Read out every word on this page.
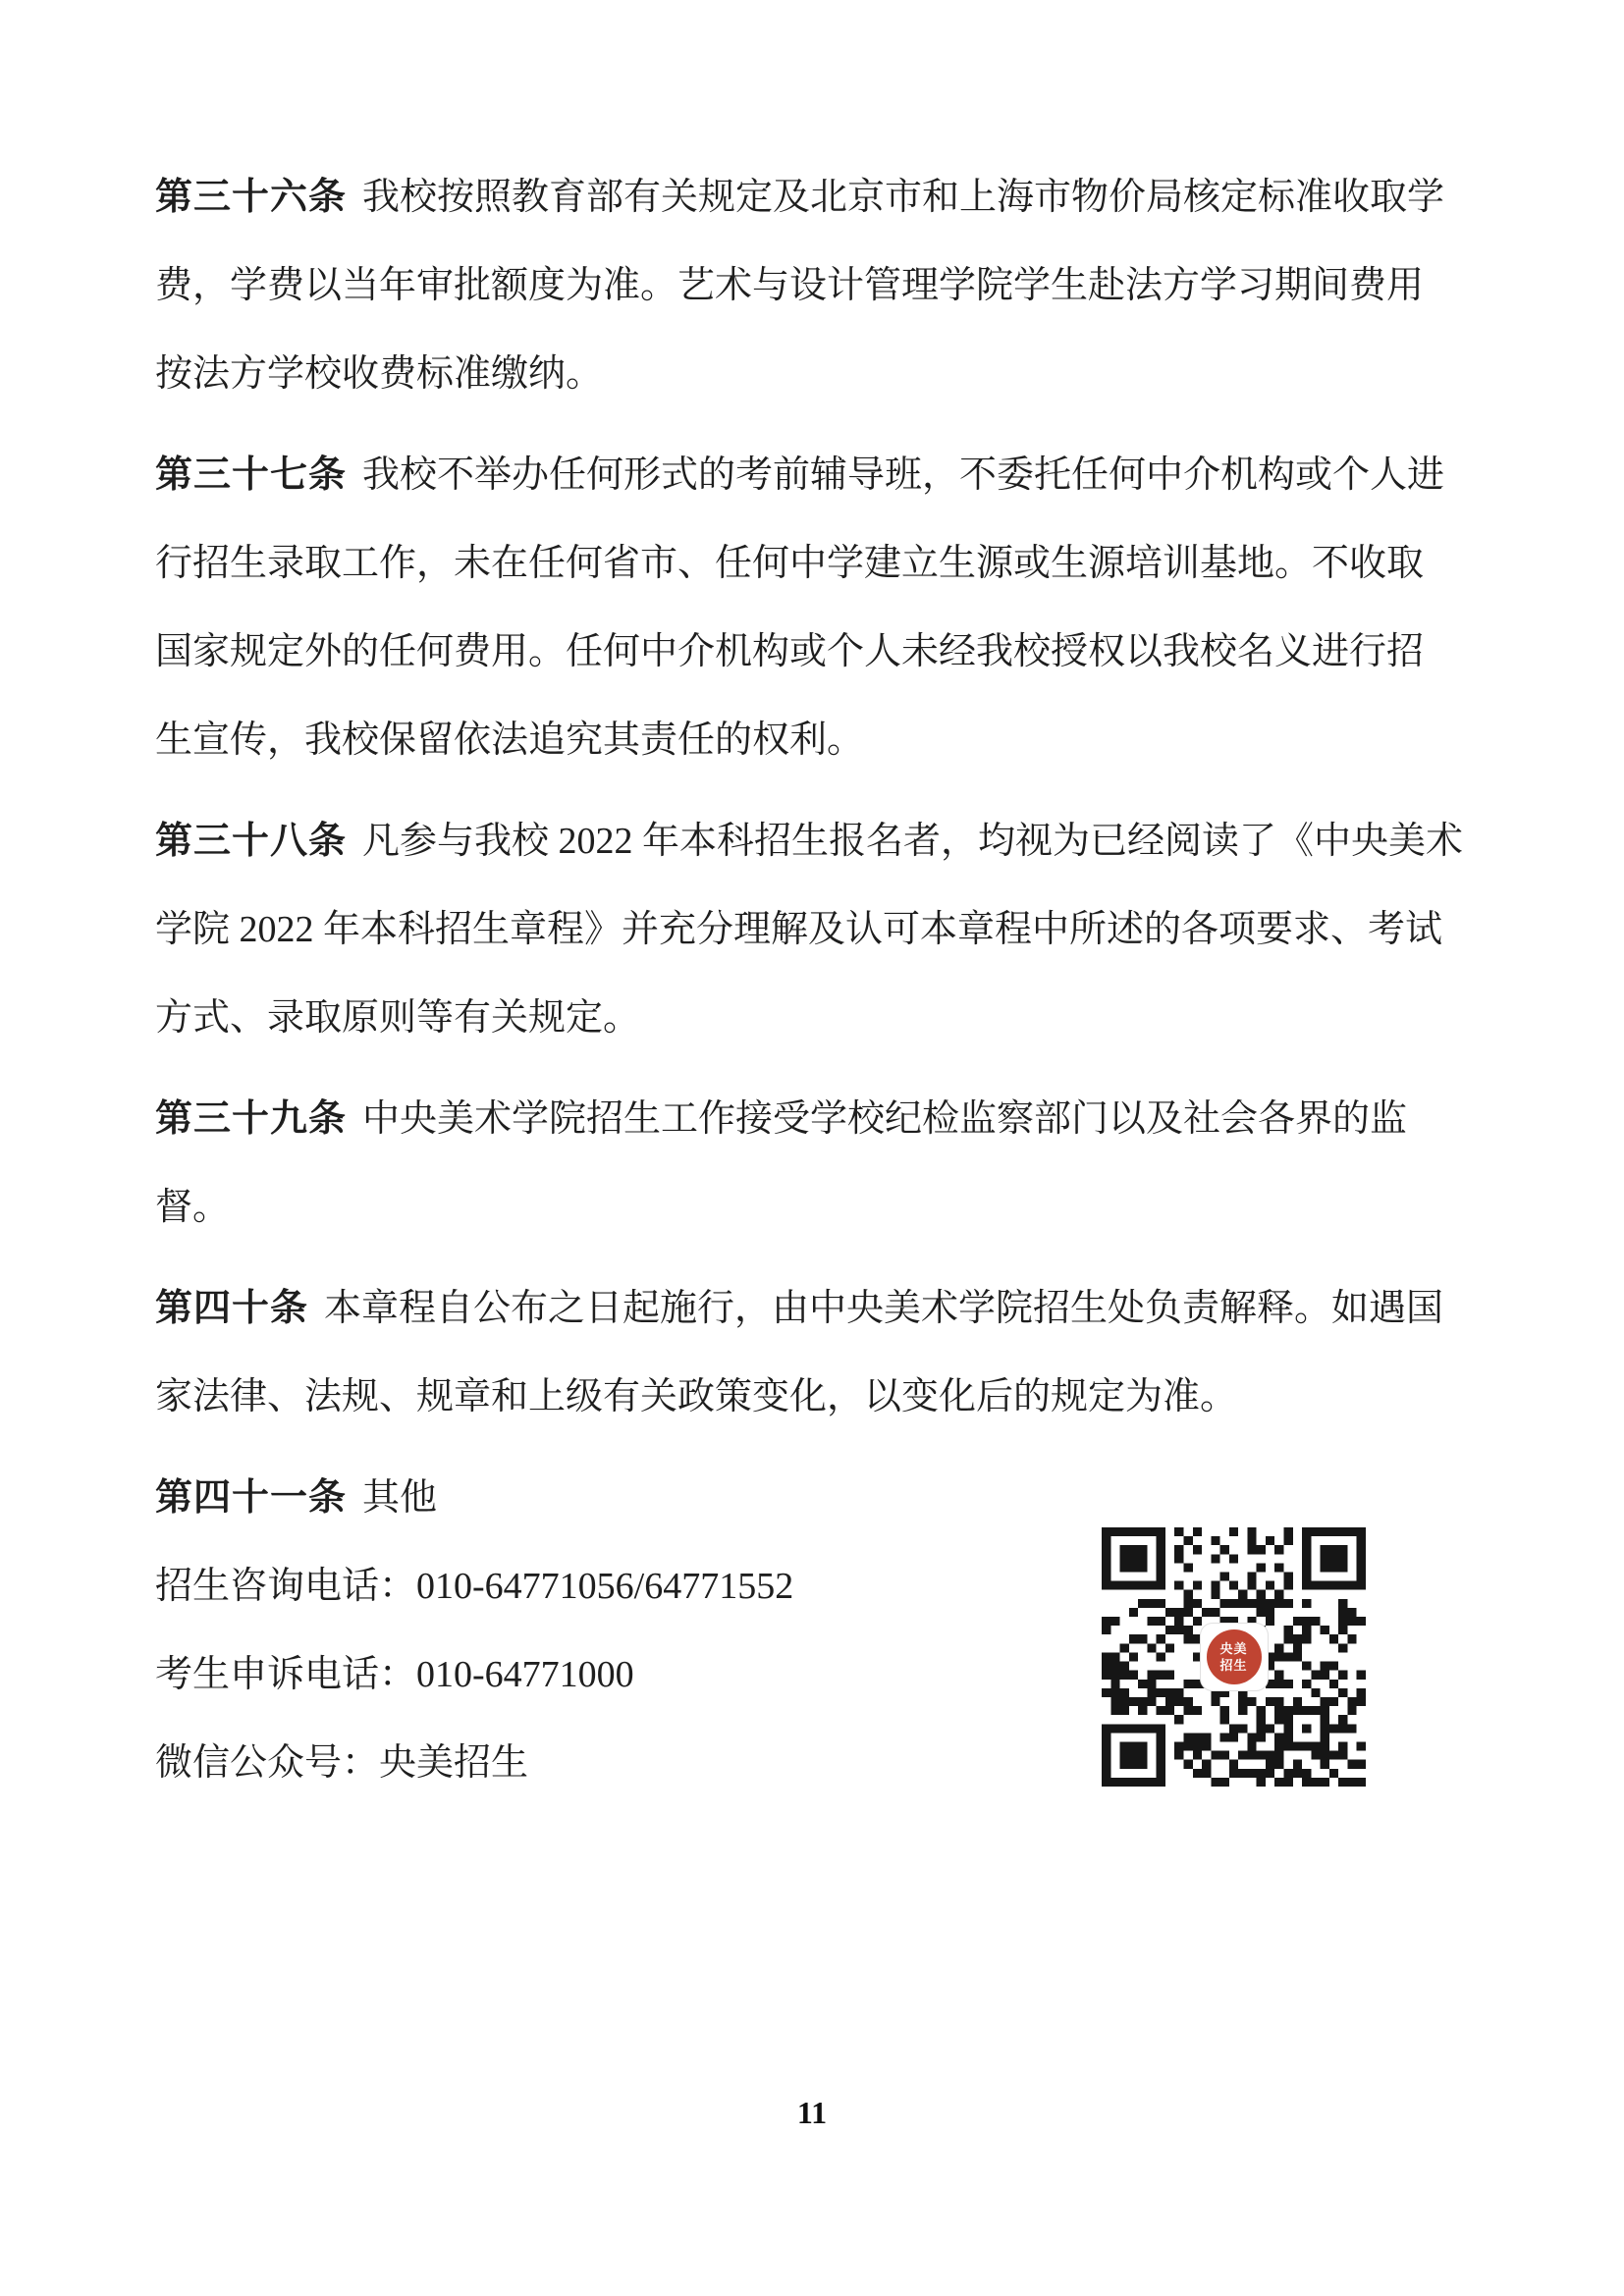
第三十六条 我校按照教育部有关规定及北京市和上海市物价局核定标准收取学
费，学费以当年审批额度为准。艺术与设计管理学院学生赴法方学习期间费用
按法方学校收费标准缴纳。
第三十七条 我校不举办任何形式的考前辅导班，不委托任何中介机构或个人进
行招生录取工作，未在任何省市、任何中学建立生源或生源培训基地。不收取
国家规定外的任何费用。任何中介机构或个人未经我校授权以我校名义进行招
生宣传，我校保留依法追究其责任的权利。
第三十八条 凡参与我校 2022 年本科招生报名者，均视为已经阅读了《中央美术
学院 2022 年本科招生章程》并充分理解及认可本章程中所述的各项要求、考试
方式、录取原则等有关规定。
第三十九条 中央美术学院招生工作接受学校纪检监察部门以及社会各界的监
督。
第四十条 本章程自公布之日起施行，由中央美术学院招生处负责解释。如遇国
家法律、法规、规章和上级有关政策变化，以变化后的规定为准。
第四十一条 其他
招生咨询电话：010-64771056/64771552
考生申诉电话：010-64771000
微信公众号：央美招生
央美
招生
11
